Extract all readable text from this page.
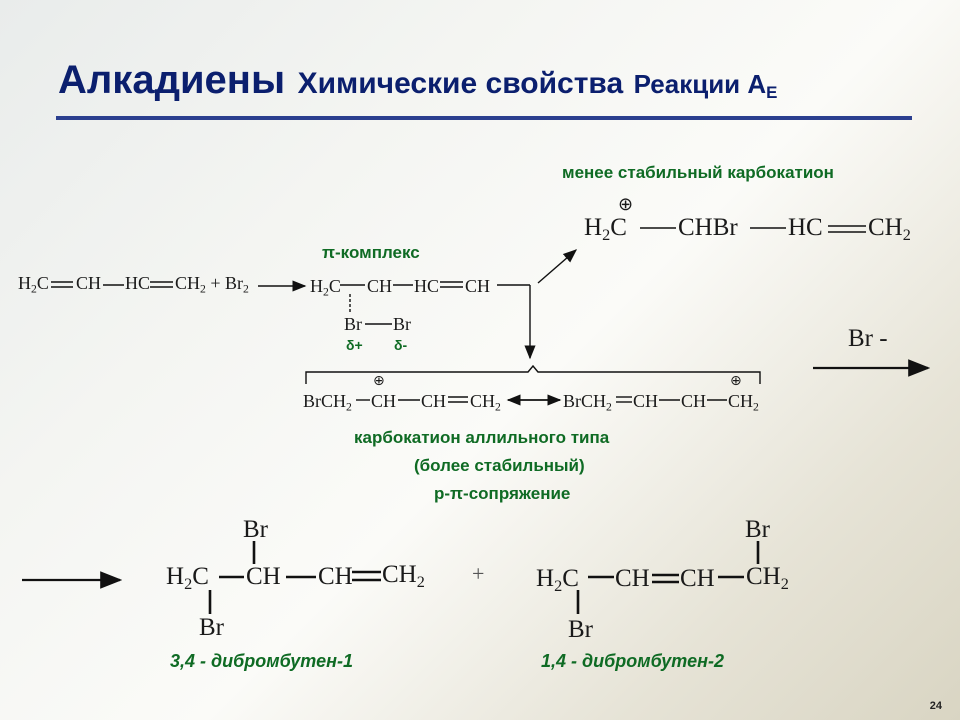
Алкадиены Химические свойства Реакции $A_E$
менее стабильный карбокатион
π-комплекс
δ+ δ-
карбокатион аллильного типа
(более стабильный)
p-π-сопряжение
3,4 - дибромбутен-1	1,4 - дибромбутен-2
$H_2C$ CH HC $CH_2 + Br_2$	$H_2C$ CH HC CH
Br Br
⊕
$H_2C$ CHBr HC $CH_2$
⊕
BrCH$_2$ CH CH $CH_2$
⊕
BrCH$_2$ CH CH $CH_2$
Br -
Br
$H_2C$ CH CH $CH_2$
Br
+ $H_2C$ CH CH $CH_2$
Br
Br
24
